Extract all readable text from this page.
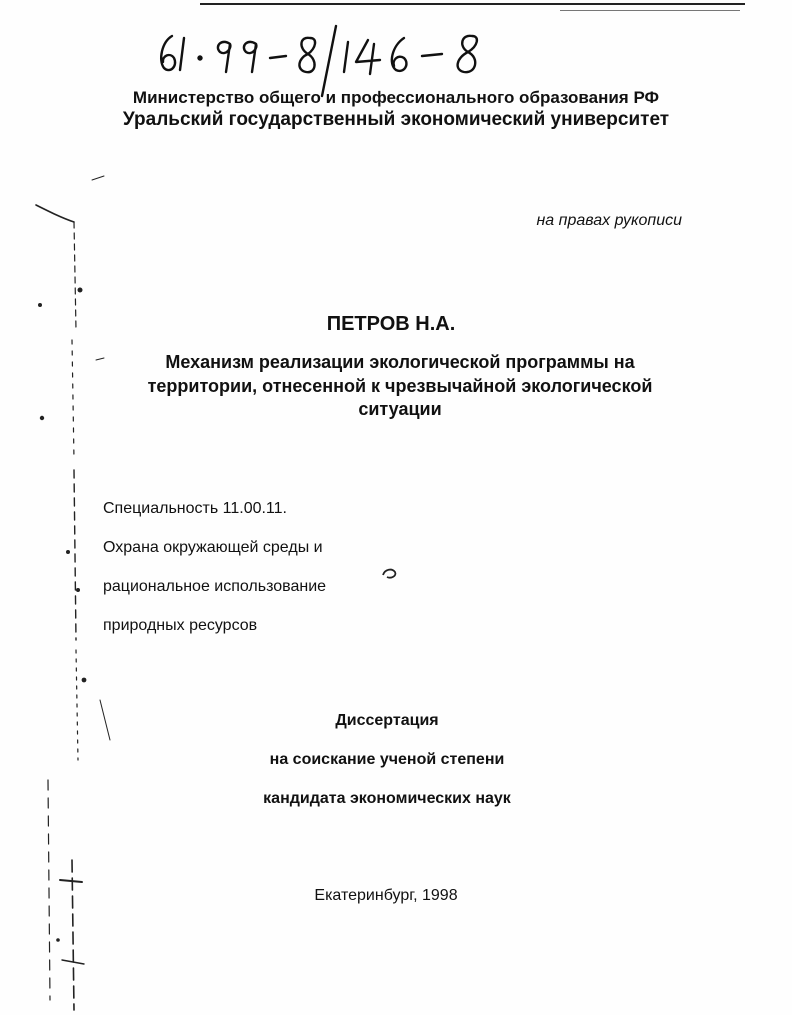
Министерство общего и профессионального образования РФ
Уральский государственный экономический университет
на правах рукописи
ПЕТРОВ Н.А.
Механизм реализации экологической программы на
территории, отнесенной к чрезвычайной экологической
ситуации
Специальность 11.00.11.
Охрана окружающей среды и
рациональное использование
природных ресурсов
Диссертация
на соискание ученой степени
кандидата экономических наук
Екатеринбург, 1998
